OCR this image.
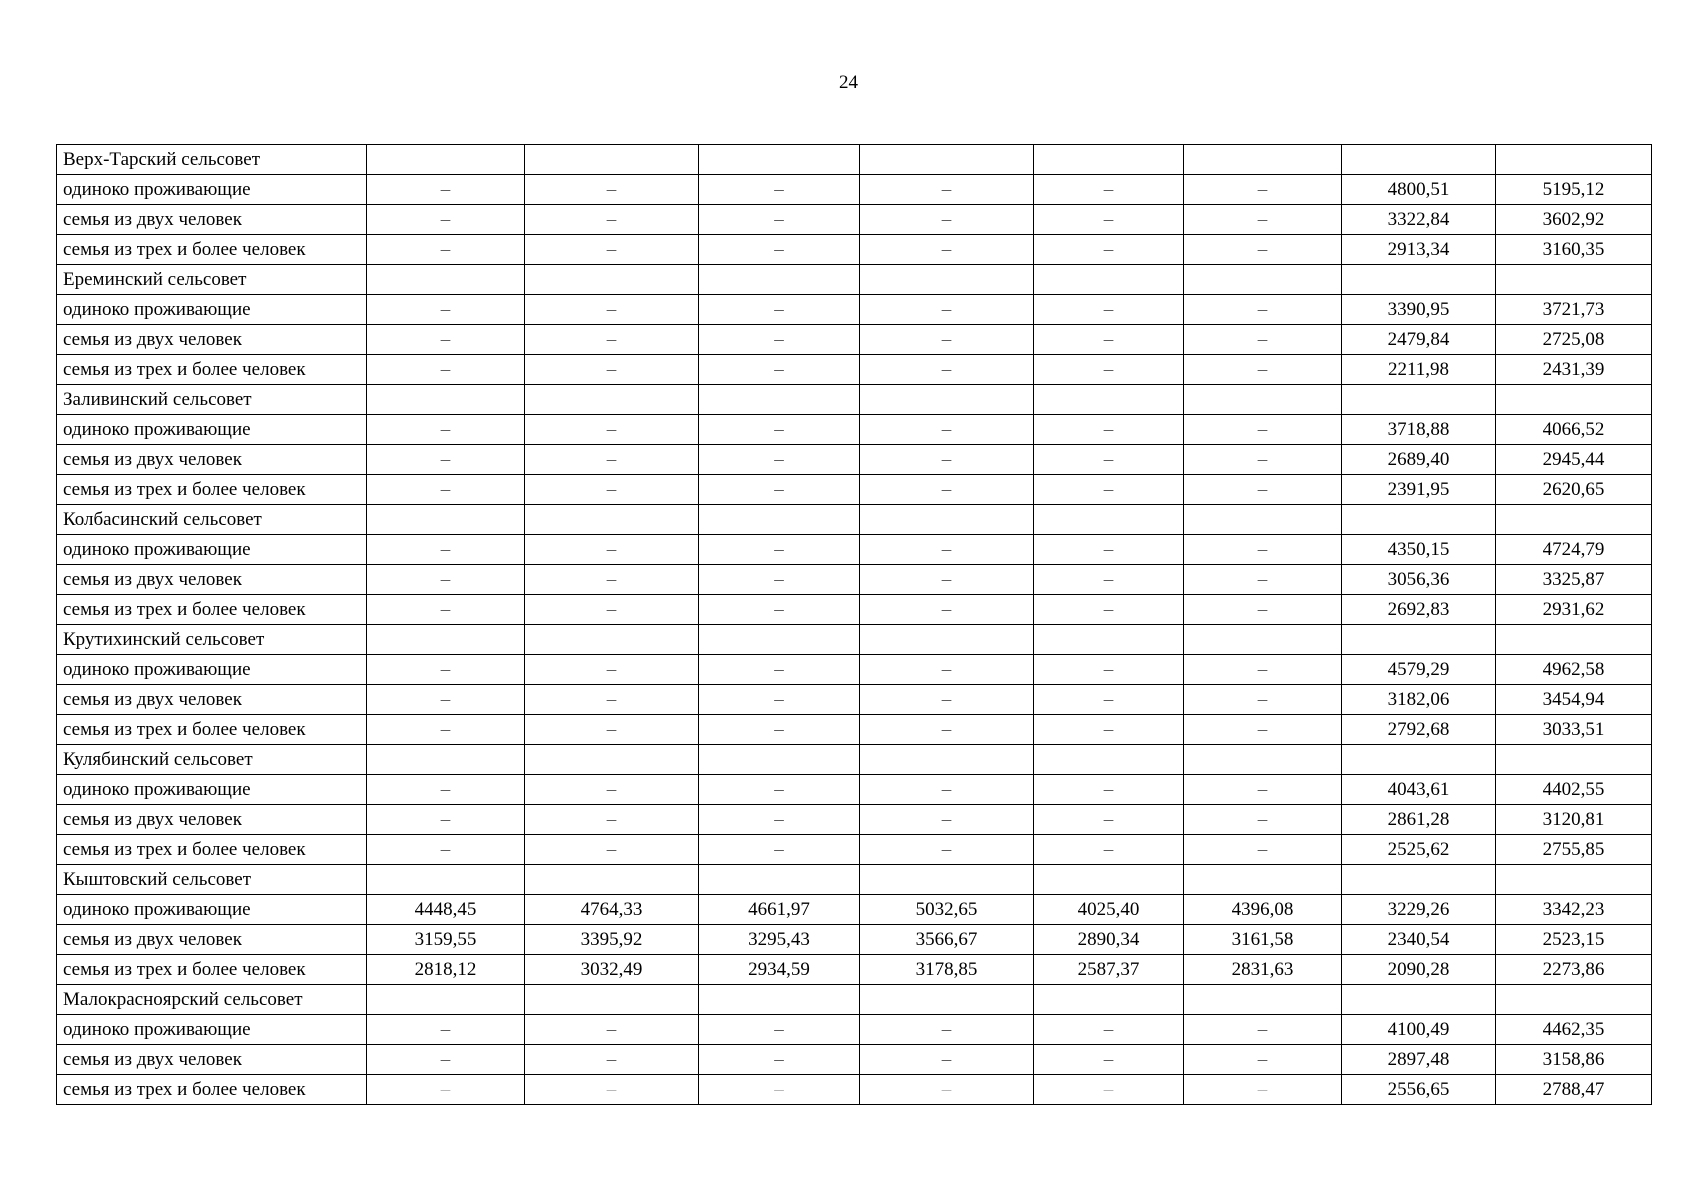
24
Верх-Тарский сельсовет								
одиноко проживающие	–	–	–	–	–	–	4800,51	5195,12
семья из двух человек	–	–	–	–	–	–	3322,84	3602,92
семья из трех и более человек	–	–	–	–	–	–	2913,34	3160,35
Ереминский сельсовет								
одиноко проживающие	–	–	–	–	–	–	3390,95	3721,73
семья из двух человек	–	–	–	–	–	–	2479,84	2725,08
семья из трех и более человек	–	–	–	–	–	–	2211,98	2431,39
Заливинский сельсовет								
одиноко проживающие	–	–	–	–	–	–	3718,88	4066,52
семья из двух человек	–	–	–	–	–	–	2689,40	2945,44
семья из трех и более человек	–	–	–	–	–	–	2391,95	2620,65
Колбасинский сельсовет								
одиноко проживающие	–	–	–	–	–	–	4350,15	4724,79
семья из двух человек	–	–	–	–	–	–	3056,36	3325,87
семья из трех и более человек	–	–	–	–	–	–	2692,83	2931,62
Крутихинский сельсовет								
одиноко проживающие	–	–	–	–	–	–	4579,29	4962,58
семья из двух человек	–	–	–	–	–	–	3182,06	3454,94
семья из трех и более человек	–	–	–	–	–	–	2792,68	3033,51
Кулябинский сельсовет								
одиноко проживающие	–	–	–	–	–	–	4043,61	4402,55
семья из двух человек	–	–	–	–	–	–	2861,28	3120,81
семья из трех и более человек	–	–	–	–	–	–	2525,62	2755,85
Кыштовский сельсовет								
одиноко проживающие	4448,45	4764,33	4661,97	5032,65	4025,40	4396,08	3229,26	3342,23
семья из двух человек	3159,55	3395,92	3295,43	3566,67	2890,34	3161,58	2340,54	2523,15
семья из трех и более человек	2818,12	3032,49	2934,59	3178,85	2587,37	2831,63	2090,28	2273,86
Малокраснoярский сельсовет								
одиноко проживающие	–	–	–	–	–	–	4100,49	4462,35
семья из двух человек	–	–	–	–	–	–	2897,48	3158,86
семья из трех и более человек	–	–	–	–	–	–	2556,65	2788,47
